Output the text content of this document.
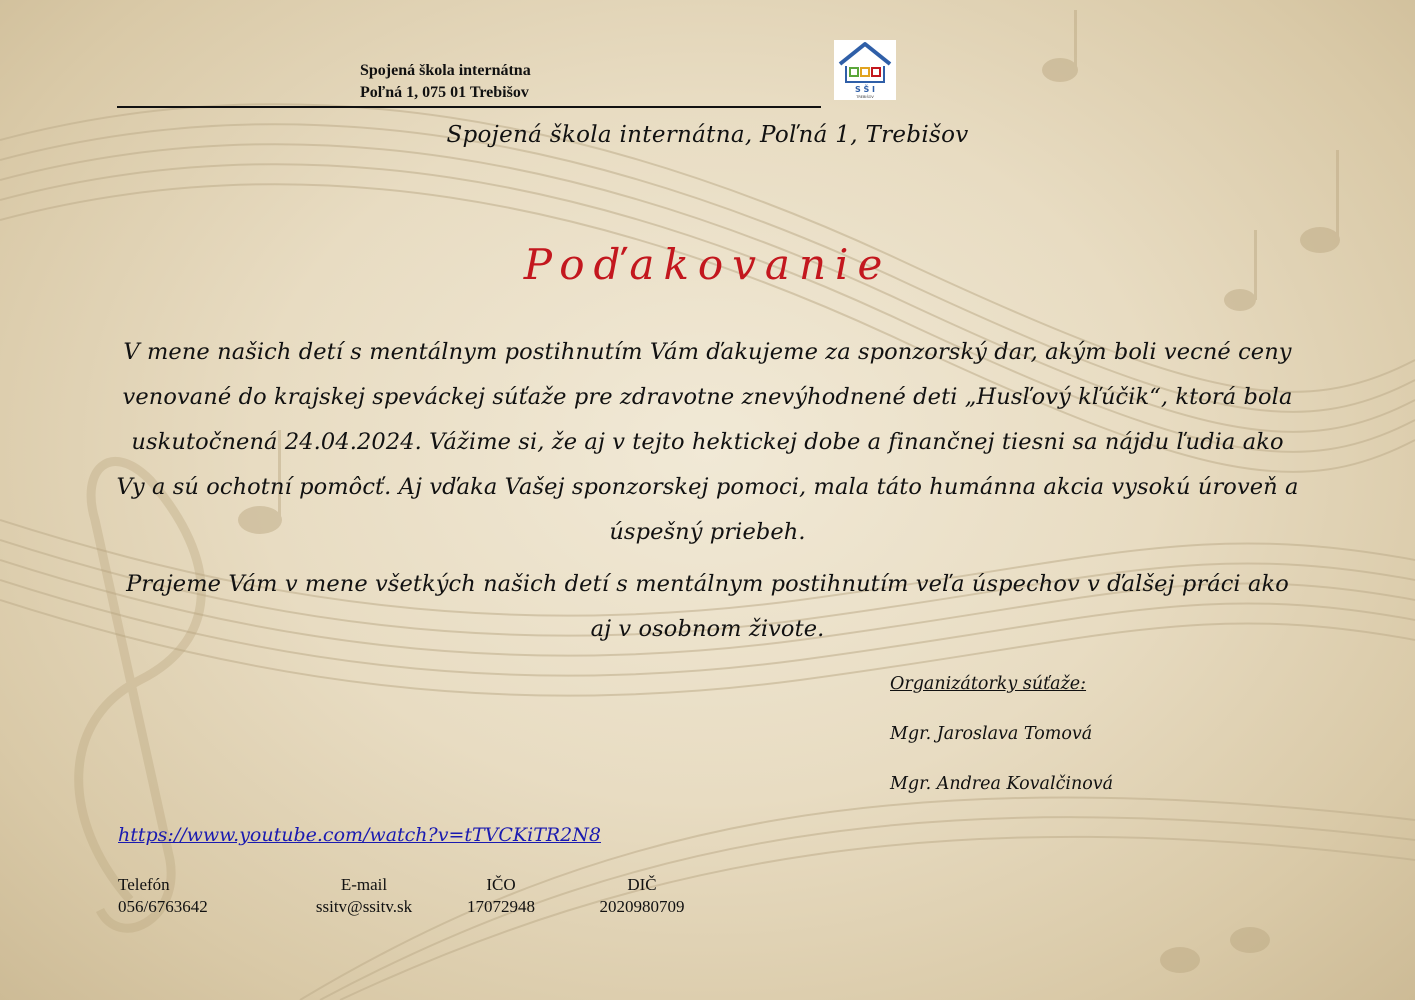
Spojená škola internátna
Poľná 1, 075 01 Trebišov	S Š I
TREBIŠOV
Spojená škola internátna, Poľná 1, Trebišov
Poďakovanie

V mene našich detí s mentálnym postihnutím Vám ďakujeme za sponzorský dar, akým boli vecné ceny venované do krajskej speváckej súťaže pre zdravotne znevýhodnené deti „Husľový kľúčik“, ktorá bola uskutočnená 24.04.2024. Vážime si, že aj v tejto hektickej dobe a finančnej tiesni sa nájdu ľudia ako Vy a sú ochotní pomôcť. Aj vďaka Vašej sponzorskej pomoci, mala táto humánna akcia vysokú úroveň a úspešný priebeh.

Prajeme Vám v mene všetkých našich detí s mentálnym postihnutím veľa úspechov v ďalšej práci ako aj v osobnom živote.

Organizátorky súťaže:
Mgr. Jaroslava Tomová
Mgr. Andrea Kovalčinová
https://www.youtube.com/watch?v=tTVCKiTR2N8
Telefón
056/6763642
E-mail
ssitv@ssitv.sk
IČO
17072948
DIČ
2020980709
